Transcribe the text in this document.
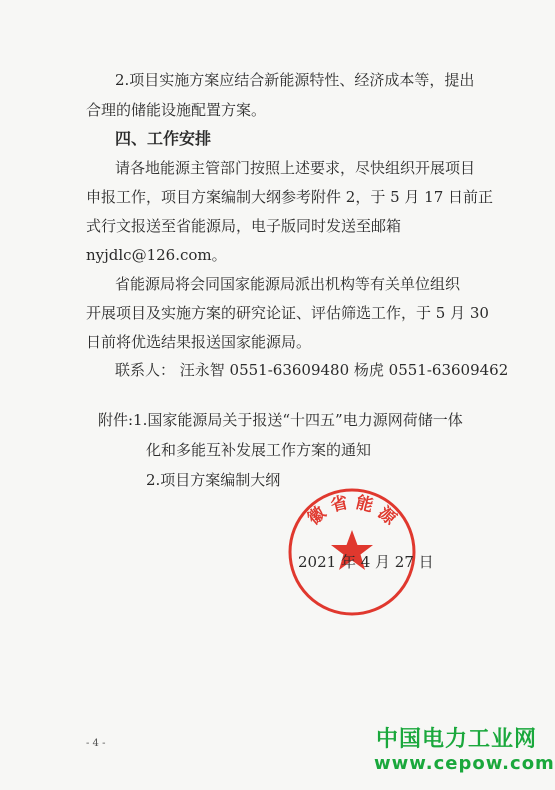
2.项目实施方案应结合新能源特性、经济成本等，提出
合理的储能设施配置方案。
四、工作安排
请各地能源主管部门按照上述要求，尽快组织开展项目
申报工作，项目方案编制大纲参考附件 2，于 5 月 17 日前正
式行文报送至省能源局，电子版同时发送至邮箱
nyjdlc@126.com。
省能源局将会同国家能源局派出机构等有关单位组织
开展项目及实施方案的研究论证、评估筛选工作，于 5 月 30
日前将优选结果报送国家能源局。
联系人： 汪永智 0551-63609480 杨虎 0551-63609462
附件:1.国家能源局关于报送“十四五”电力源网荷储一体
化和多能互补发展工作方案的通知
2.项目方案编制大纲
徽 省 能 源
2021 年 4 月 27 日
- 4 -	中国电力工业网
www.cepow.com
